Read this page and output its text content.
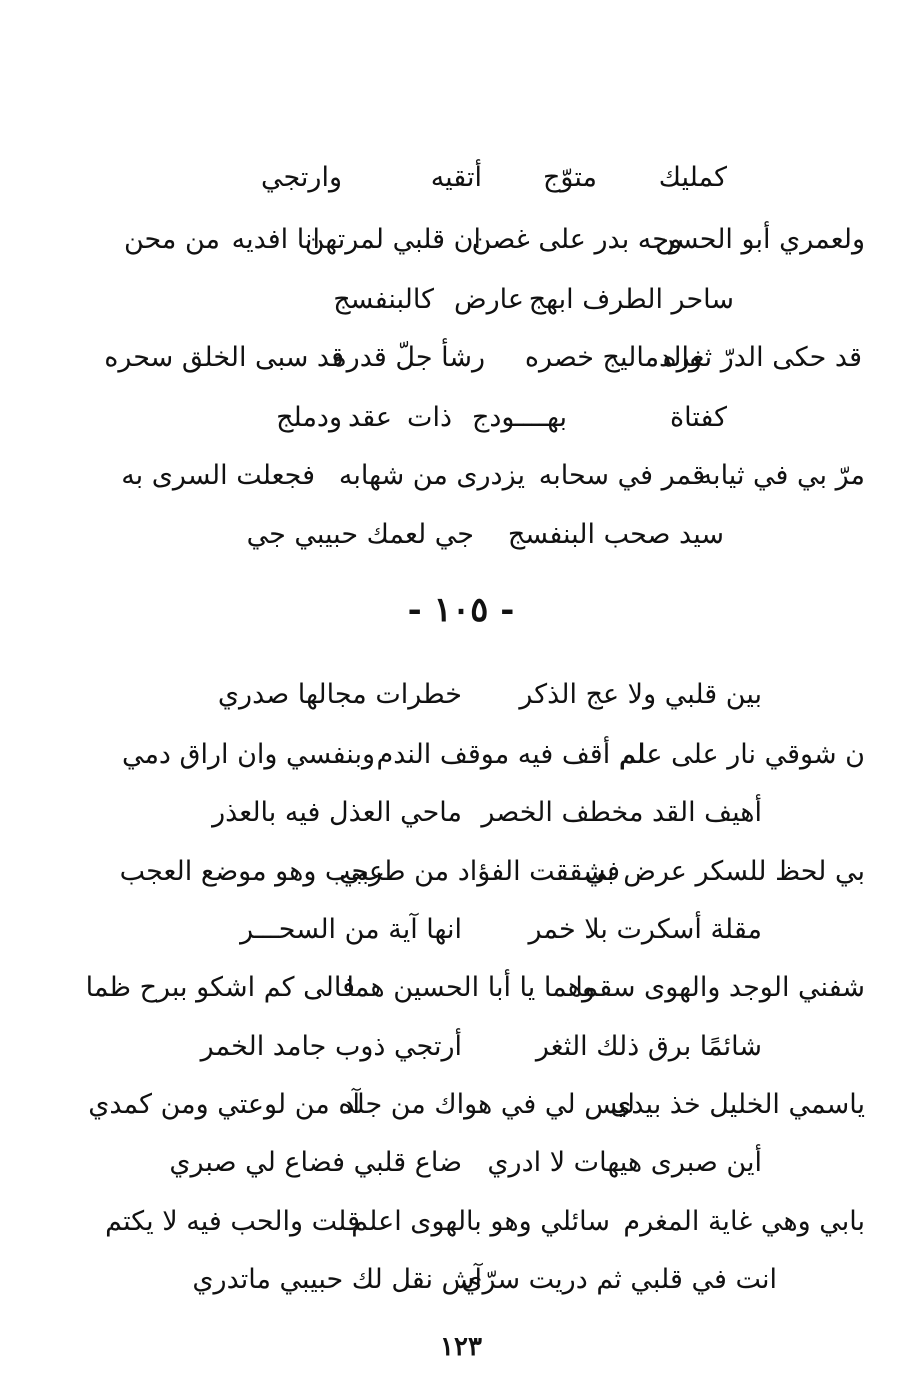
كمليك
متوّج
أتقيه
وارتجي
ولعمري أبو الحسن
وجه بدر على غصن
ان قلبي لمرتهن
انا افديه
من محن
ساحر الطرف ابهج
عارض
كالبنفسج
قد حكى الدرّ ثغره
والدماليج خصره
رشأ جلّ قدره
قد سبى الخلق سحره
كفتاة
بهــــودج
ذات
عقد
ودملج
مرّ بي في ثيابه
قمر في سحابه
يزدرى من شهابه
فجعلت السرى به
سيد صحب البنفسج
جي لعمك حبيبي جي
- ١٠٥ -
بين قلبي ولا عج الذكر
خطرات مجالها صدري
ن شوقي نار على علم
لم أقف فيه موقف الندم
وبنفسي وان اراق دمي
أهيف القد مخطف الخصر
ماحي العذل فيه بالعذر
بي لحظ للسكر عرض بي
فشققت الفؤاد من طربي
عجب وهو موضع العجب
مقلة أسكرت بلا خمر
انها آية من السحـــر
شفني الوجد والهوى سقما
وهما يا أبا الحسين هما
فالى كم اشكو ببرح ظما
شائمًا برق ذلك الثغر
أرتجي ذوب جامد الخمر
ياسمي الخليل خذ بيدى
ليس لي في هواك من جلد
آه من لوعتي ومن كمدي
أين صبرى هيهات لا ادري
ضاع قلبي فضاع لي صبري
بابي وهي غاية المغرم
سائلي وهو بالهوى اعلم
قلت والحب فيه لا يكتم
انت في قلبي ثم دريت سرّي
آش نقل لك حبيبي ماتدري
١٢٣
